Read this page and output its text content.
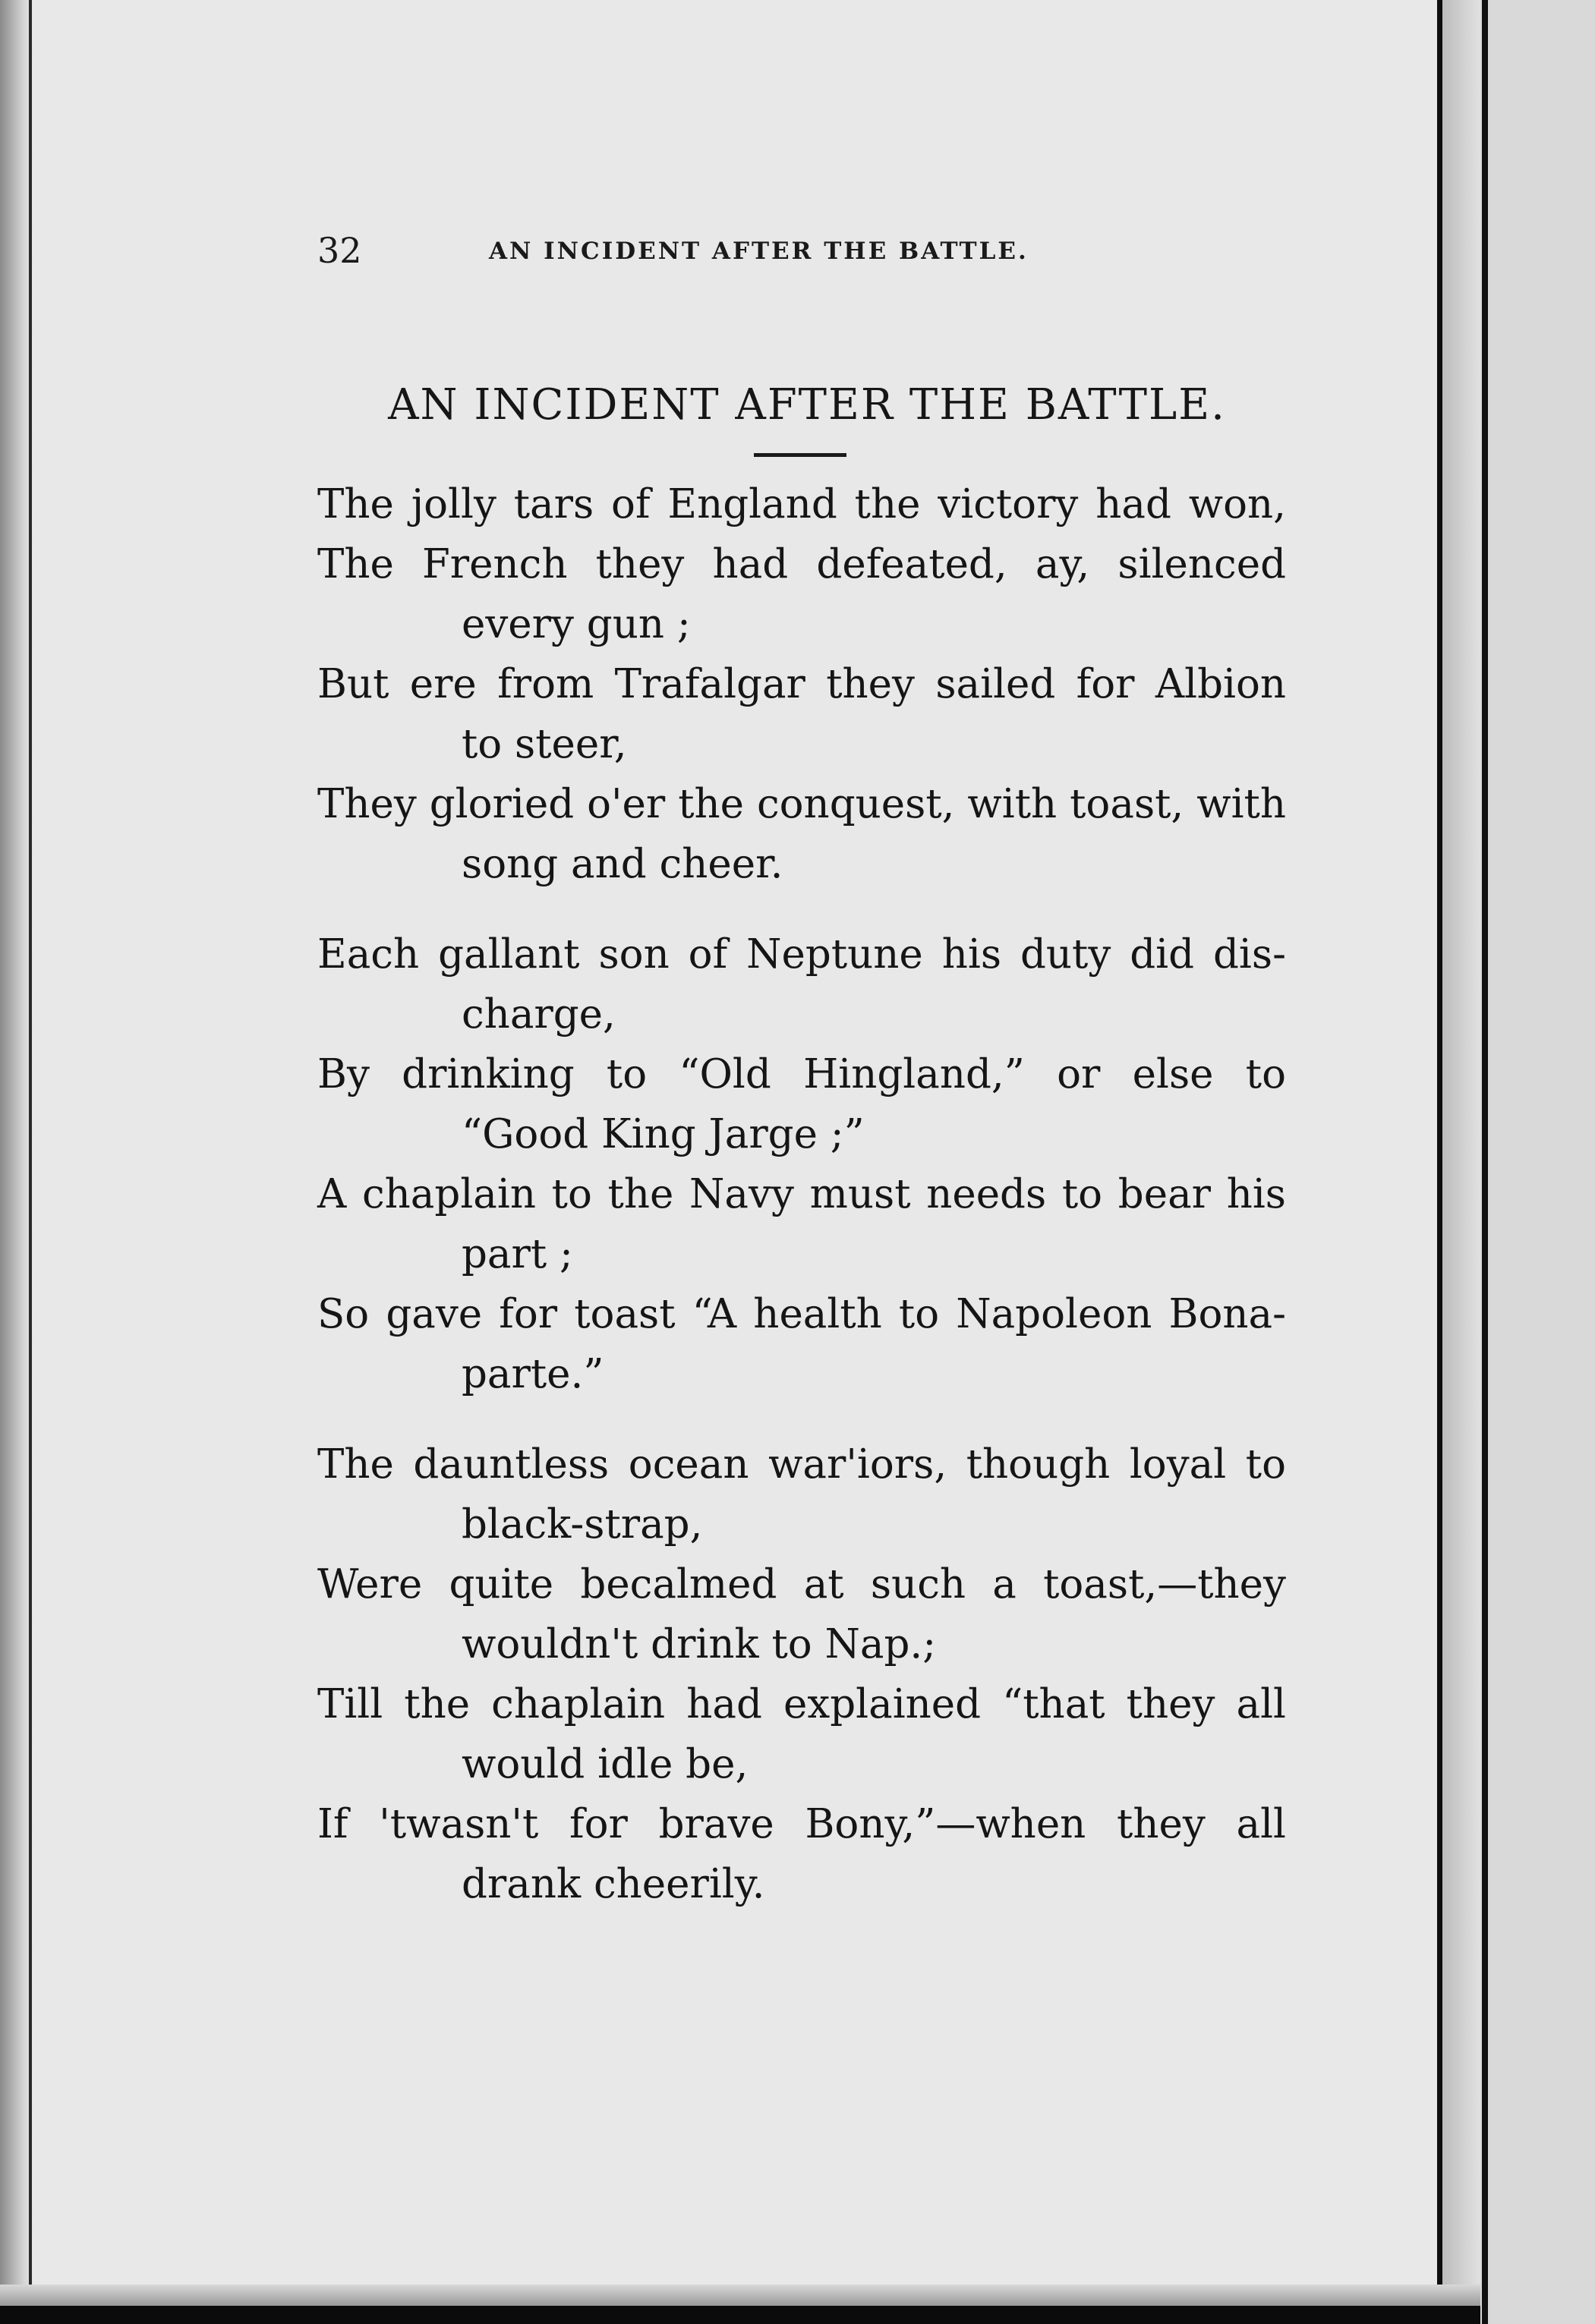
32	AN INCIDENT AFTER THE BATTLE.
AN INCIDENT AFTER THE BATTLE.
The jolly tars of England the victory had won,
The French they had defeated, ay, silenced
every gun ;
But ere from Trafalgar they sailed for Albion
to steer,
They gloried o'er the conquest, with toast, with
song and cheer.
Each gallant son of Neptune his duty did dis-
charge,
By drinking to “Old Hingland,” or else to
“Good King Jarge ;”
A chaplain to the Navy must needs to bear his
part ;
So gave for toast “A health to Napoleon Bona-
parte.”
The dauntless ocean war'iors, though loyal to
black-strap,
Were quite becalmed at such a toast,—they
wouldn't drink to Nap.;
Till the chaplain had explained “that they all
would idle be,
If 'twasn't for brave Bony,”—when they all
drank cheerily.
